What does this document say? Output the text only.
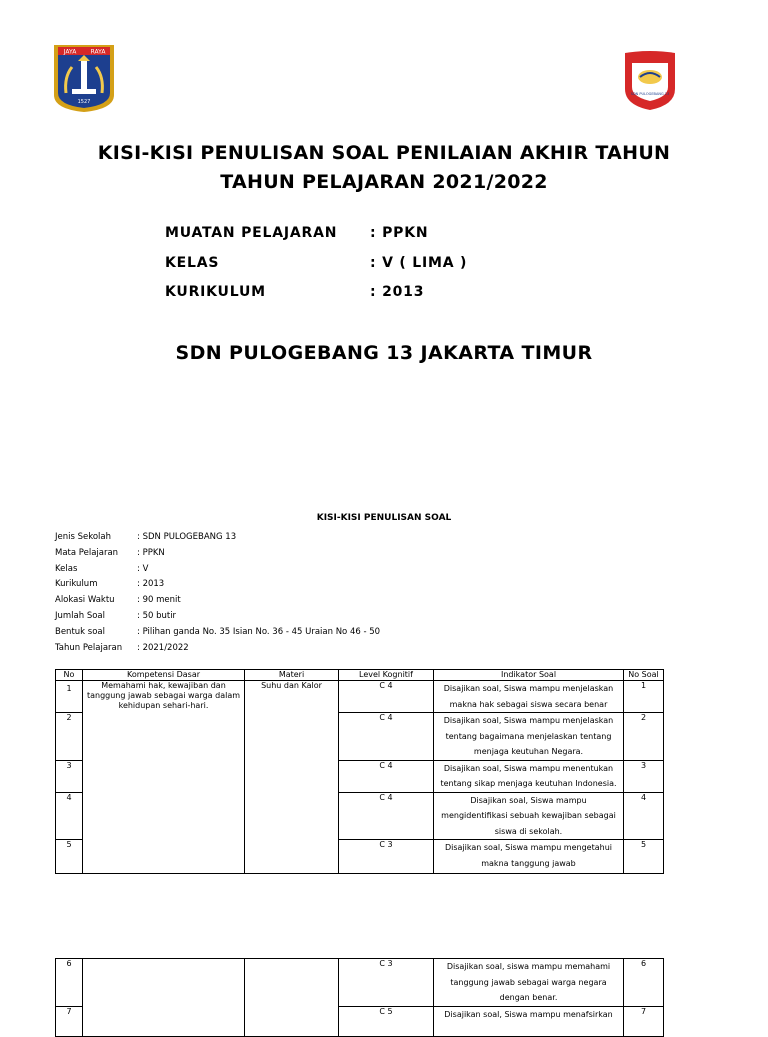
JAYA RAYA
1527
SDN PULOGEBANG 13
KISI-KISI PENULISAN SOAL PENILAIAN AKHIR TAHUN
TAHUN PELAJARAN 2021/2022
MUATAN PELAJARAN : PPKN
KELAS	: V ( LIMA )
KURIKULUM	: 2013
SDN PULOGEBANG 13 JAKARTA TIMUR
KISI-KISI PENULISAN SOAL
Jenis Sekolah	: SDN PULOGEBANG 13
Mata Pelajaran : PPKN
Kelas	: V
Kurikulum	: 2013
Alokasi Waktu	: 90 menit
Jumlah Soal	: 50 butir
Bentuk soal	: Pilihan ganda No. 35 Isian No. 36 - 45 Uraian No 46 - 50
Tahun Pelajaran : 2021/2022
No	Kompetensi Dasar	Materi	Level Kognitif	Indikator Soal	No Soal
1	Memahami hak, kewajiban dan tanggung jawab sebagai warga dalam kehidupan sehari-hari.	Suhu dan Kalor	C 4	Disajikan soal, Siswa mampu menjelaskan makna hak sebagai siswa secara benar	1
2			C 4	Disajikan soal, Siswa mampu menjelaskan tentang bagaimana menjelaskan tentang menjaga keutuhan Negara.	2
3			C 4	Disajikan soal, Siswa mampu menentukan tentang sikap menjaga keutuhan Indonesia.	3
4			C 4	Disajikan soal, Siswa mampu mengidentifikasi sebuah kewajiban sebagai siswa di sekolah.	4
5			C 3	Disajikan soal, Siswa mampu mengetahui makna tanggung jawab	5
6			C 3	Disajikan soal, siswa mampu memahami tanggung jawab sebagai warga negara dengan benar.	6
7			C 5	Disajikan soal, Siswa mampu menafsirkan	7
